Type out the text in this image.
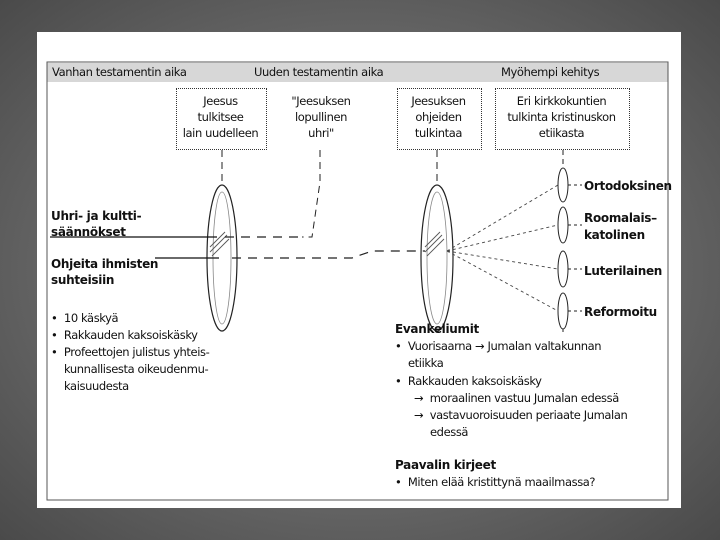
Vanhan testamentin aika	Uuden testamentin aika	Myöhempi kehitys
Jeesus
tulkitsee
lain uudelleen
"Jeesuksen
lopullinen
uhri"
Jeesuksen
ohjeiden
tulkintaa
Eri kirkkokuntien
tulkinta kristinuskon
etiikasta
Uhri- ja kultti-
säännökset
Ohjeita ihmisten
suhteisiin
•  10 käskyä
•  Rakkauden kaksoiskäsky
•  Profeettojen julistus yhteis-
kunnallisesta oikeudenmu-
kaisuudesta
Ortodoksinen
Roomalais–
katolinen
Luterilainen
Reformoitu
Evankeliumit
•  Vuorisaarna → Jumalan valtakunnan
etiikka
•  Rakkauden kaksoiskäsky
→  moraalinen vastuu Jumalan edessä
→  vastavuoroisuuden periaate Jumalan
edessä
Paavalin kirjeet
•  Miten elää kristittynä maailmassa?
